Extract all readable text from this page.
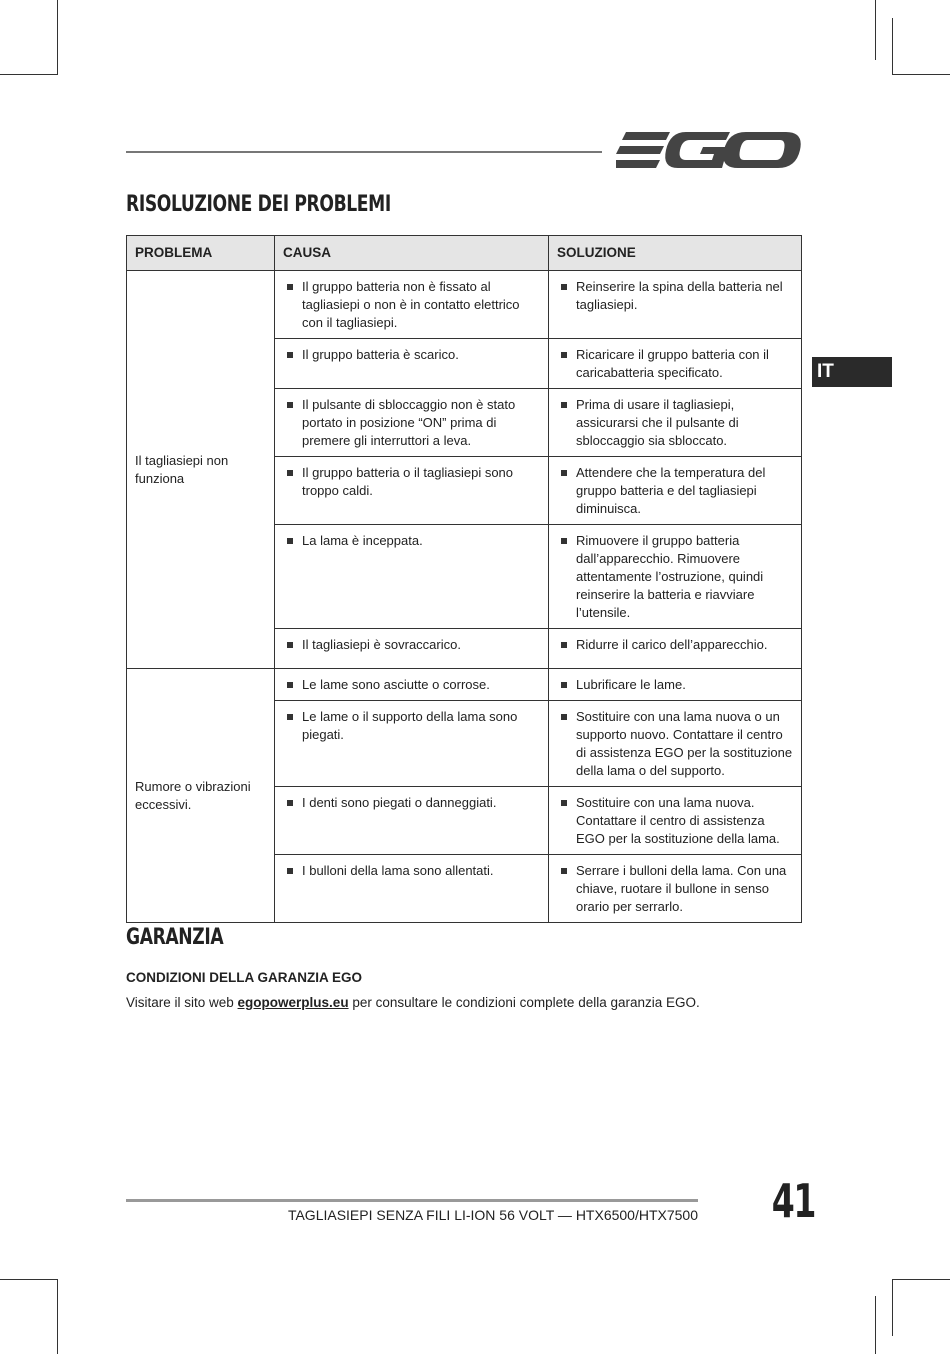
RISOLUZIONE DEI PROBLEMI
IT
PROBLEMA	CAUSA	SOLUZIONE
Il tagliasiepi non funziona	Il gruppo batteria non è fissato al tagliasiepi o non è in contatto elettrico con il tagliasiepi.	Reinserire la spina della batteria nel tagliasiepi.

	Il gruppo batteria è scarico.	Ricaricare il gruppo batteria con il caricabatteria specificato.

	Il pulsante di sbloccaggio non è stato portato in posizione “ON” prima di premere gli interruttori a leva.	Prima di usare il tagliasiepi, assicurarsi che il pulsante di sbloccaggio sia sbloccato.

	Il gruppo batteria o il tagliasiepi sono troppo caldi.	Attendere che la temperatura del gruppo batteria e del tagliasiepi diminuisca.

	La lama è inceppata.	Rimuovere il gruppo batteria dall’apparecchio. Rimuovere attentamente l’ostruzione, quindi reinserire la batteria e riavviare l’utensile.

	Il tagliasiepi è sovraccarico.	Ridurre il carico dell’apparecchio.

Rumore o vibrazioni eccessivi.	Le lame sono asciutte o corrose.	Lubrificare le lame.

	Le lame o il supporto della lama sono piegati.	Sostituire con una lama nuova o un supporto nuovo. Contattare il centro di assistenza EGO per la sostituzione della lama o del supporto.

	I denti sono piegati o danneggiati.	Sostituire con una lama nuova. Contattare il centro di assistenza EGO per la sostituzione della lama.

	I bulloni della lama sono allentati.	Serrare i bulloni della lama. Con una chiave, ruotare il bullone in senso orario per serrarlo.
GARANZIA

CONDIZIONI DELLA GARANZIA EGO

Visitare il sito web egopowerplus.eu per consultare le condizioni complete della garanzia EGO.

TAGLIASIEPI SENZA FILI LI-ION 56 VOLT — HTX6500/HTX7500 41
